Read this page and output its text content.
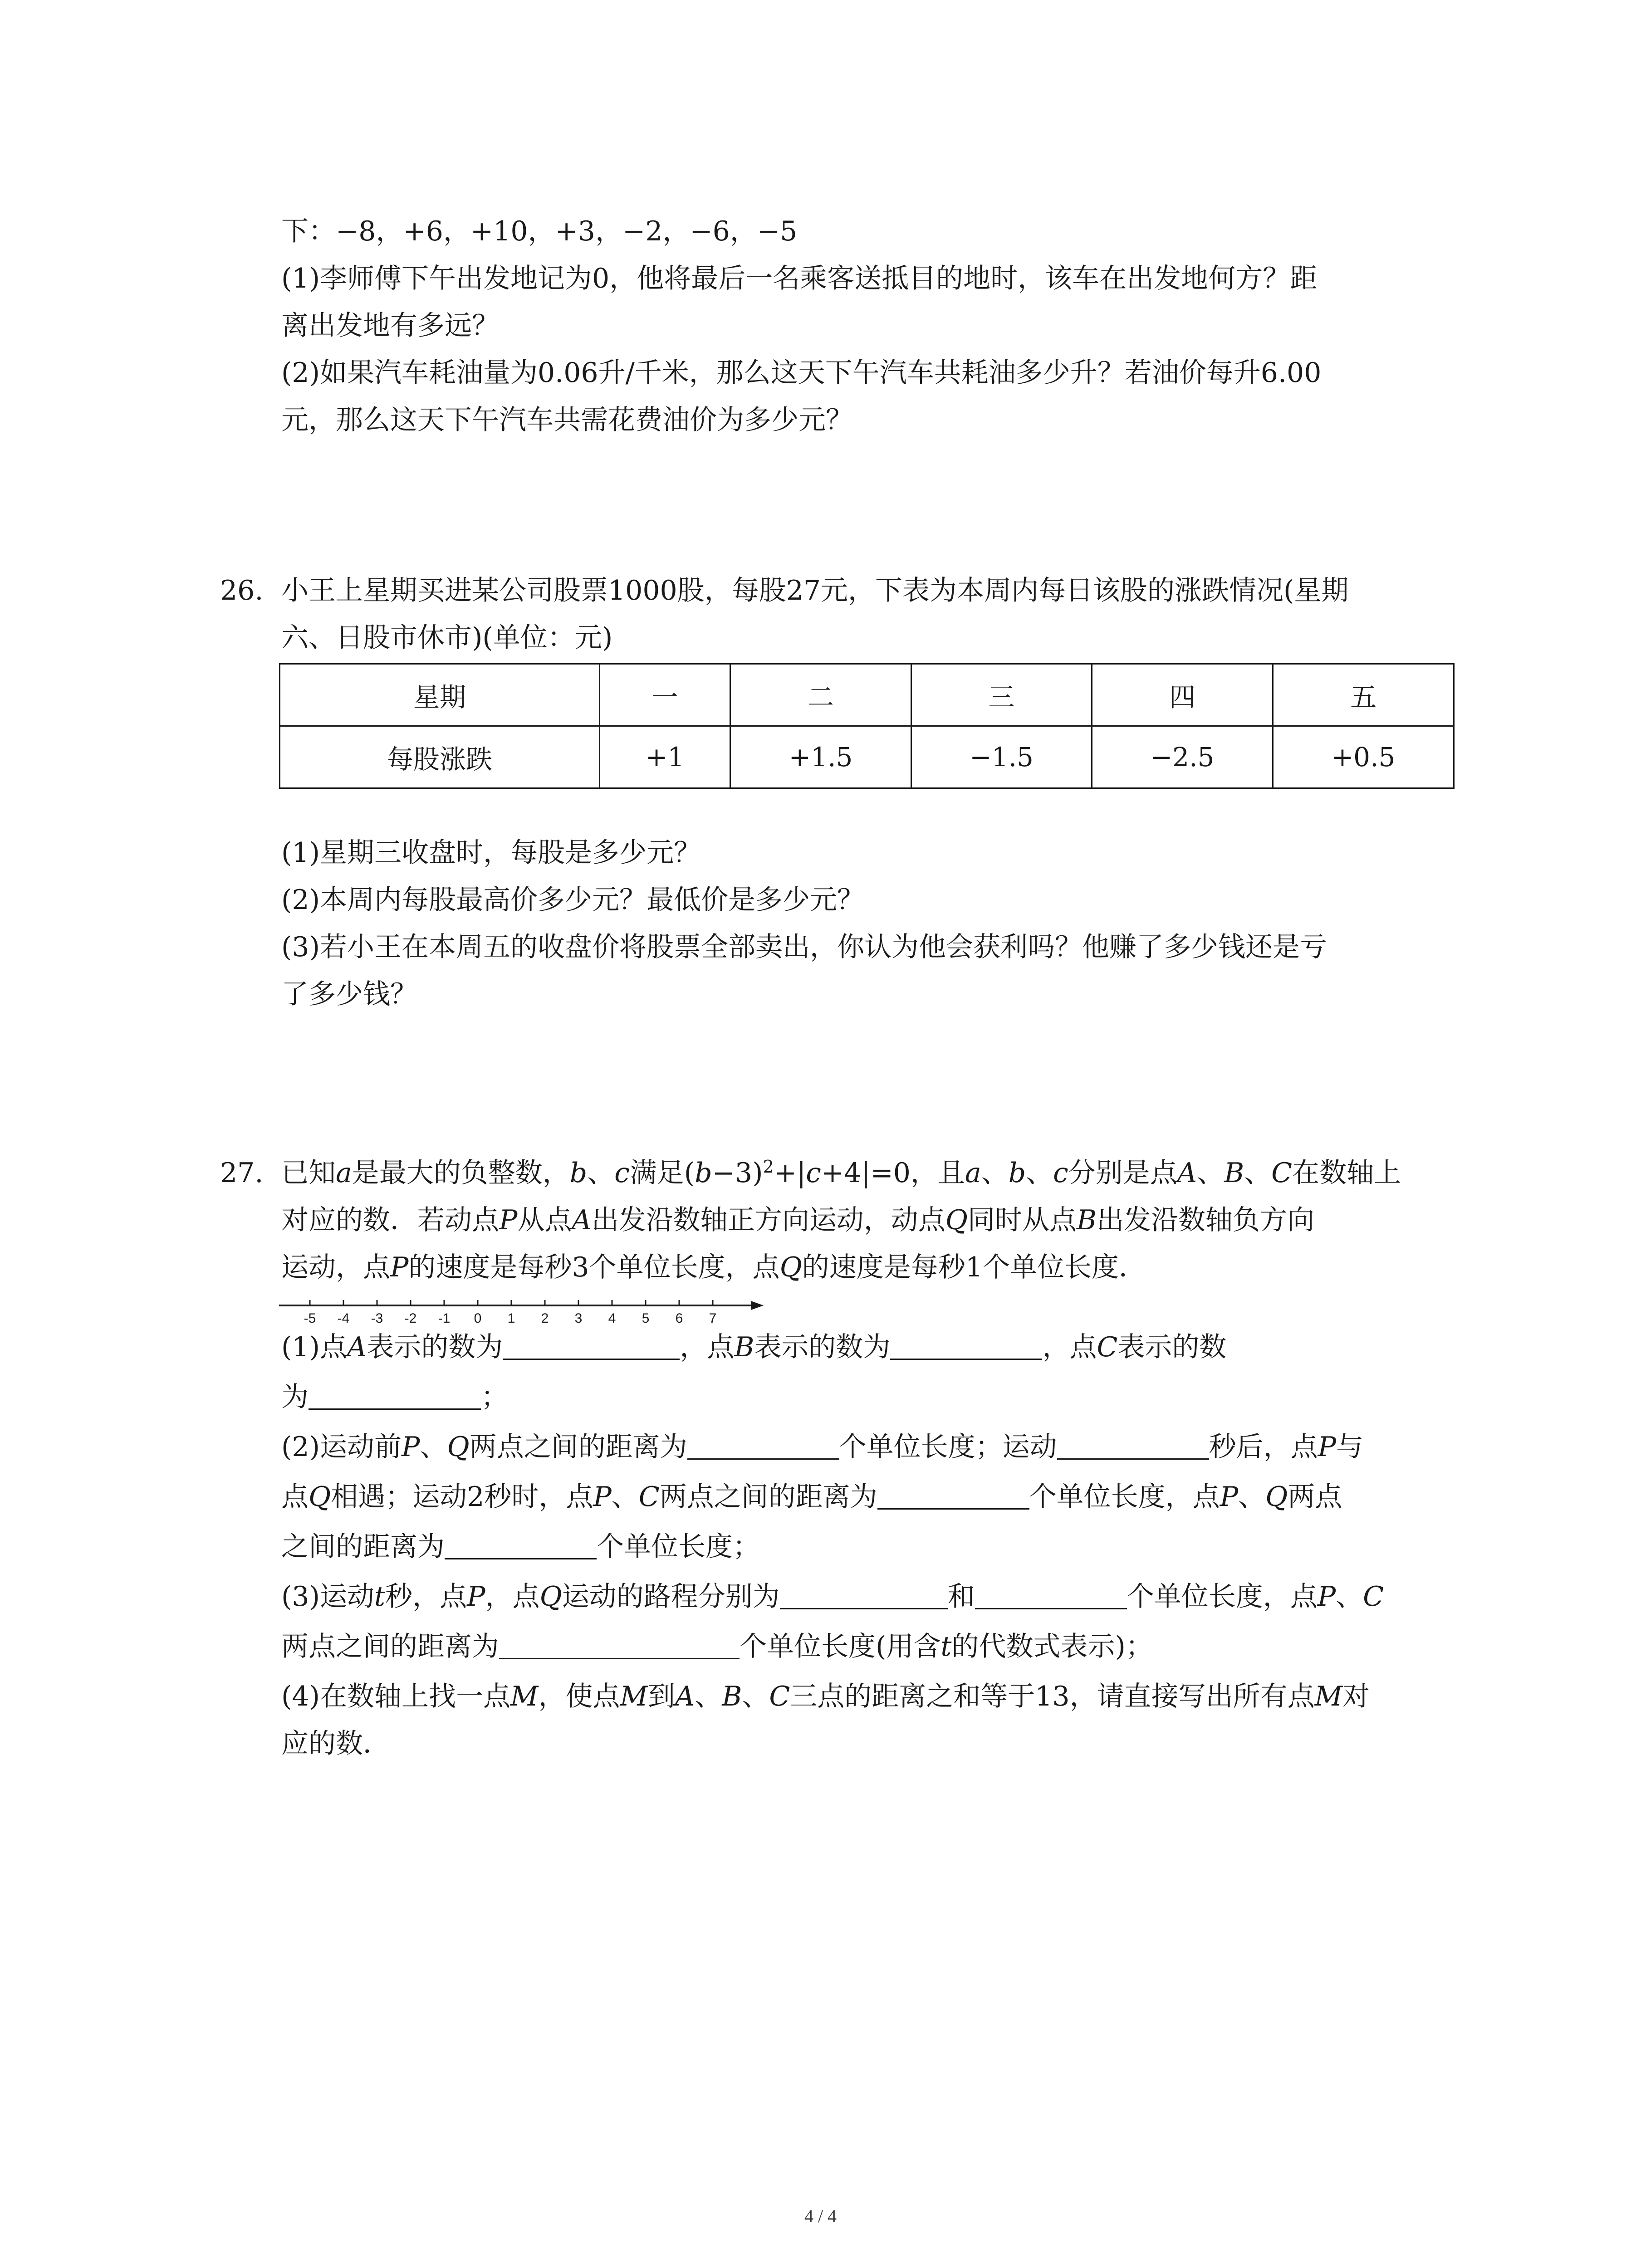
下：−8，+6，+10，+3，−2，−6，−5
(1)李师傅下午出发地记为0，他将最后一名乘客送抵目的地时，该车在出发地何方？距
离出发地有多远？
(2)如果汽车耗油量为0.06升/千米，那么这天下午汽车共耗油多少升？若油价每升6.00
元，那么这天下午汽车共需花费油价为多少元？
26. 小王上星期买进某公司股票1000股，每股27元，下表为本周内每日该股的涨跌情况(星期
六、日股市休市)(单位：元)
星期	一	二	三	四	五
每股涨跌	+1	+1.5	−1.5	−2.5	+0.5
(1)星期三收盘时，每股是多少元？
(2)本周内每股最高价多少元？最低价是多少元？
(3)若小王在本周五的收盘价将股票全部卖出，你认为他会获利吗？他赚了多少钱还是亏
了多少钱？
27. 已知a是最大的负整数，b、c满足$(b-3)^2+|c+4|=0$，且a、b、c分别是点A、B、C在数轴上
对应的数．若动点P从点A出发沿数轴正方向运动，动点Q同时从点B出发沿数轴负方向
运动，点P的速度是每秒3个单位长度，点Q的速度是每秒1个单位长度．
-5 -4 -3 -2 -1 0 1 2 3 4 5 6 7
(1)点A表示的数为	，点B表示的数为	，点C表示的数
为	；
(2)运动前P、Q两点之间的距离为	个单位长度；运动	秒后，点P与
点Q相遇；运动2秒时，点P、C两点之间的距离为	个单位长度，点P、Q两点
之间的距离为	个单位长度；
(3)运动t秒，点P，点Q运动的路程分别为	和	个单位长度，点P、C
两点之间的距离为	个单位长度(用含t的代数式表示)；
(4)在数轴上找一点M，使点M到A、B、C三点的距离之和等于13，请直接写出所有点M对
应的数．
4 / 4
